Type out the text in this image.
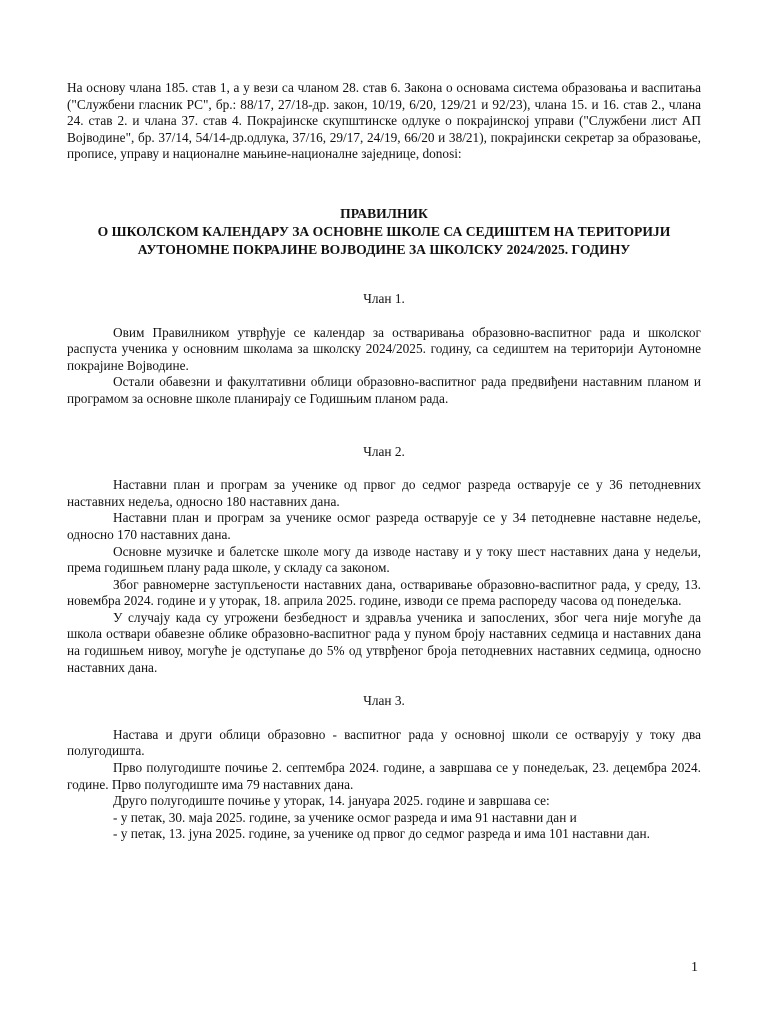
На основу члана 185. став 1, а у вези са чланом 28. став 6. Закона о основама система образовања и васпитања ("Службени гласник РС", бр.: 88/17, 27/18-др. закон, 10/19, 6/20, 129/21 и 92/23), члана 15. и 16. став 2., члана 24. став 2. и члана 37. став 4. Покрајинске скупштинске одлуке о покрајинској управи ("Службени лист АП Војводине", бр. 37/14, 54/14-др.одлука, 37/16, 29/17, 24/19, 66/20 и 38/21), покрајински секретар за образовање, прописе, управу и националне мањине-националне заједнице, donosi:

ПРАВИЛНИК
О ШКОЛСКОМ КАЛЕНДАРУ ЗА ОСНОВНЕ ШКОЛЕ СА СЕДИШТЕМ НА ТЕРИТОРИЈИ
АУТОНОМНЕ ПОКРАЈИНЕ ВОЈВОДИНЕ ЗА ШКОЛСКУ 2024/2025. ГОДИНУ
Члан 1.

Овим Правилником утврђује се календар за остваривања образовно-васпитног рада и школског распуста ученика у основним школама за школску 2024/2025. годину, са седиштем на територији Аутономне покрајине Војводине.

Остали обавезни и факултативни облици образовно-васпитног рада предвиђени наставним планом и програмом за основне школе планирају се Годишњим планом рада.

Члан 2.

Наставни план и програм за ученике од првог до седмог разреда остварује се у 36 петодневних наставних недеља, односно 180 наставних дана.

Наставни план и програм за ученике осмог разреда остварује се у 34 петодневне наставне недеље, односно 170 наставних дана.

Основне музичке и балетске школе могу да изводе наставу и у току шест наставних дана у недељи, према годишњем плану рада школе, у складу са законом.

Због равномерне заступљености наставних дана, остваривање образовно-васпитног рада, у среду, 13. новембра 2024. године и у уторак, 18. априла 2025. године, изводи се према распореду часова од понедељка.

У случају када су угрожени безбедност и здравља ученика и запослених, због чега није могуће да школа оствари обавезне облике образовно-васпитног рада у пуном броју наставних седмица и наставних дана на годишњем нивоу, могуће је одступање до 5% од утврђеног броја петодневних наставних седмица, односно наставних дана.

Члан 3.

Настава и други облици образовно - васпитног рада у основној школи се остварују у току два полугодишта.

Прво полугодиште почиње 2. септембра 2024. године, а завршава се у понедељак, 23. децембра 2024. године. Прво полугодиште има 79 наставних дана.

Друго полугодиште почиње у уторак, 14. јануара 2025. године и завршава се:

- у петак, 30. маја 2025. године, за ученике осмог разреда и има 91 наставни дан и

- у петак, 13. јуна 2025. године, за ученике од првог до седмог разреда и има 101 наставни дан.

1
